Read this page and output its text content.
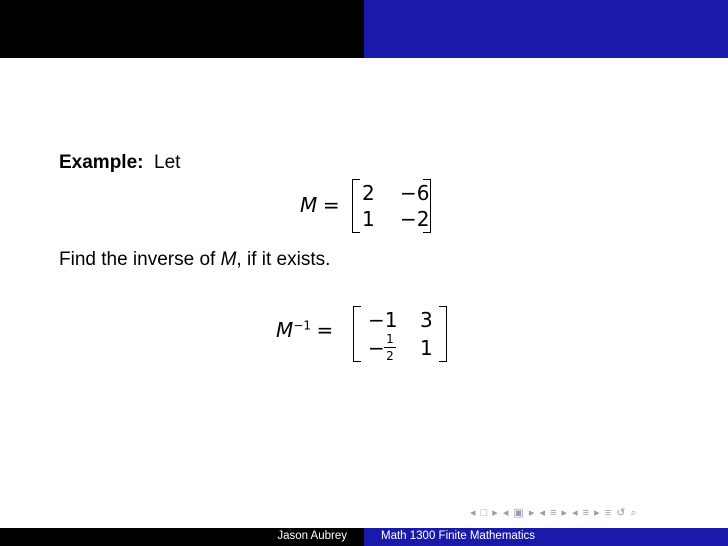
Example: Let
M = 2 −6
1 −2
Find the inverse of M, if it exists.
$M^{-1} = -1$ 3
− 1
2 1
◂ □ ▸ ◂ ▣ ▸ ◂ ≡ ▸ ◂ ≡ ▸ ≡ ↺ ⌕
Jason Aubrey	Math 1300 Finite Mathematics
